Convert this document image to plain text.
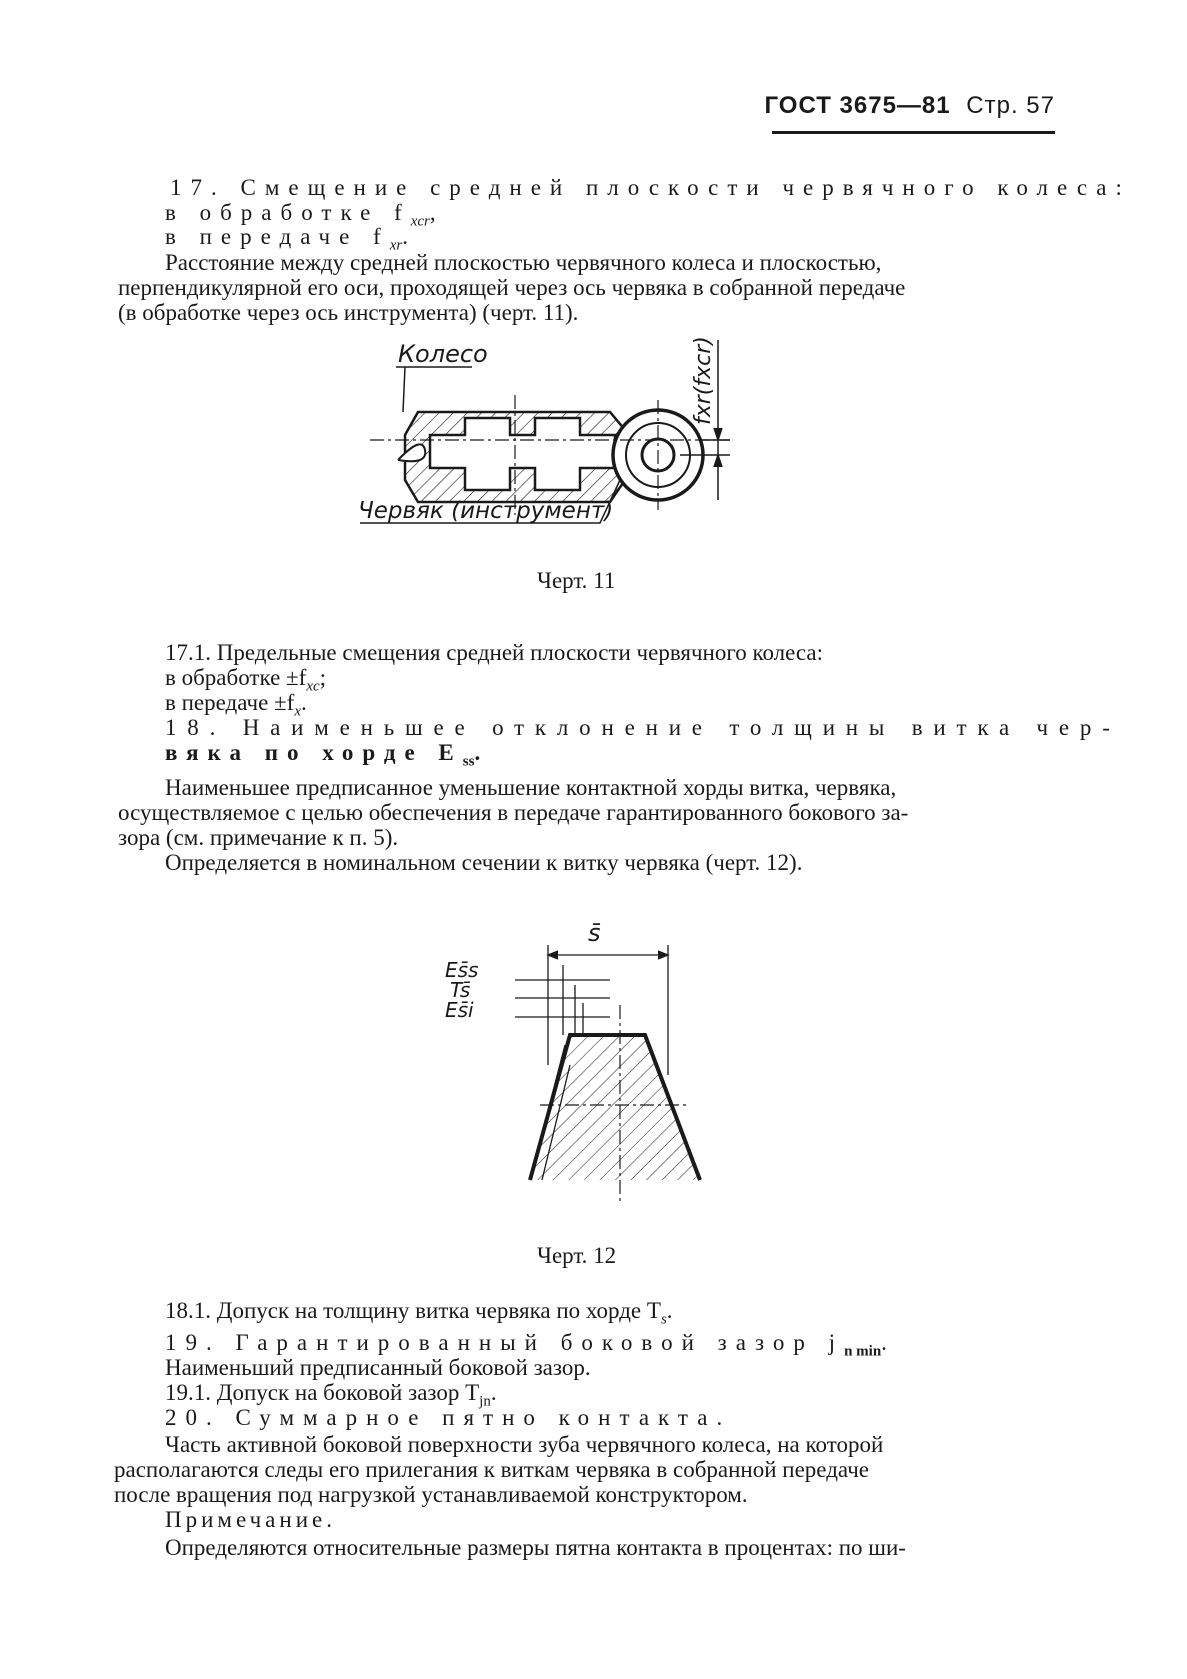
ГОСТ 3675—81 Стр. 57
17. Смещение средней плоскости червячного колеса:
в обработке $f_{xcr}$,
в передаче $f_{xr}$.
Расстояние между средней плоскостью червячного колеса и плоскостью,
перпендикулярной его оси, проходящей через ось червяка в собранной передаче
(в обработке через ось инструмента) (черт. 11).
Колесо
Червяк (инструмент)
fxr(fxcr)
Черт. 11
17.1. Предельные смещения средней плоскости червячного колеса:
в обработке $\pm f_{xc}$;
в передаче $\pm f_x$.
18. Наименьшее отклонение толщины витка чер-
вяка по хорде $E_{ss}$.
Наименьшее предписанное уменьшение контактной хорды витка, червяка,
осуществляемое с целью обеспечения в передаче гарантированного бокового за-
зора (см. примечание к п. 5).
Определяется в номинальном сечении к витку червяка (черт. 12).
s̄
Es̄s
Ts̄
Es̄i
Черт. 12
18.1. Допуск на толщину витка червяка по хорде $T_s$.
19. Гарантированный боковой зазор $j_{n min}$.
Наименьший предписанный боковой зазор.
19.1. Допуск на боковой зазор $T_{jn}$.
20. Суммарное пятно контакта.
Часть активной боковой поверхности зуба червячного колеса, на которой
располагаются следы его прилегания к виткам червяка в собранной передаче
после вращения под нагрузкой устанавливаемой конструктором.
Примечание.
Определяются относительные размеры пятна контакта в процентах: по ши-
